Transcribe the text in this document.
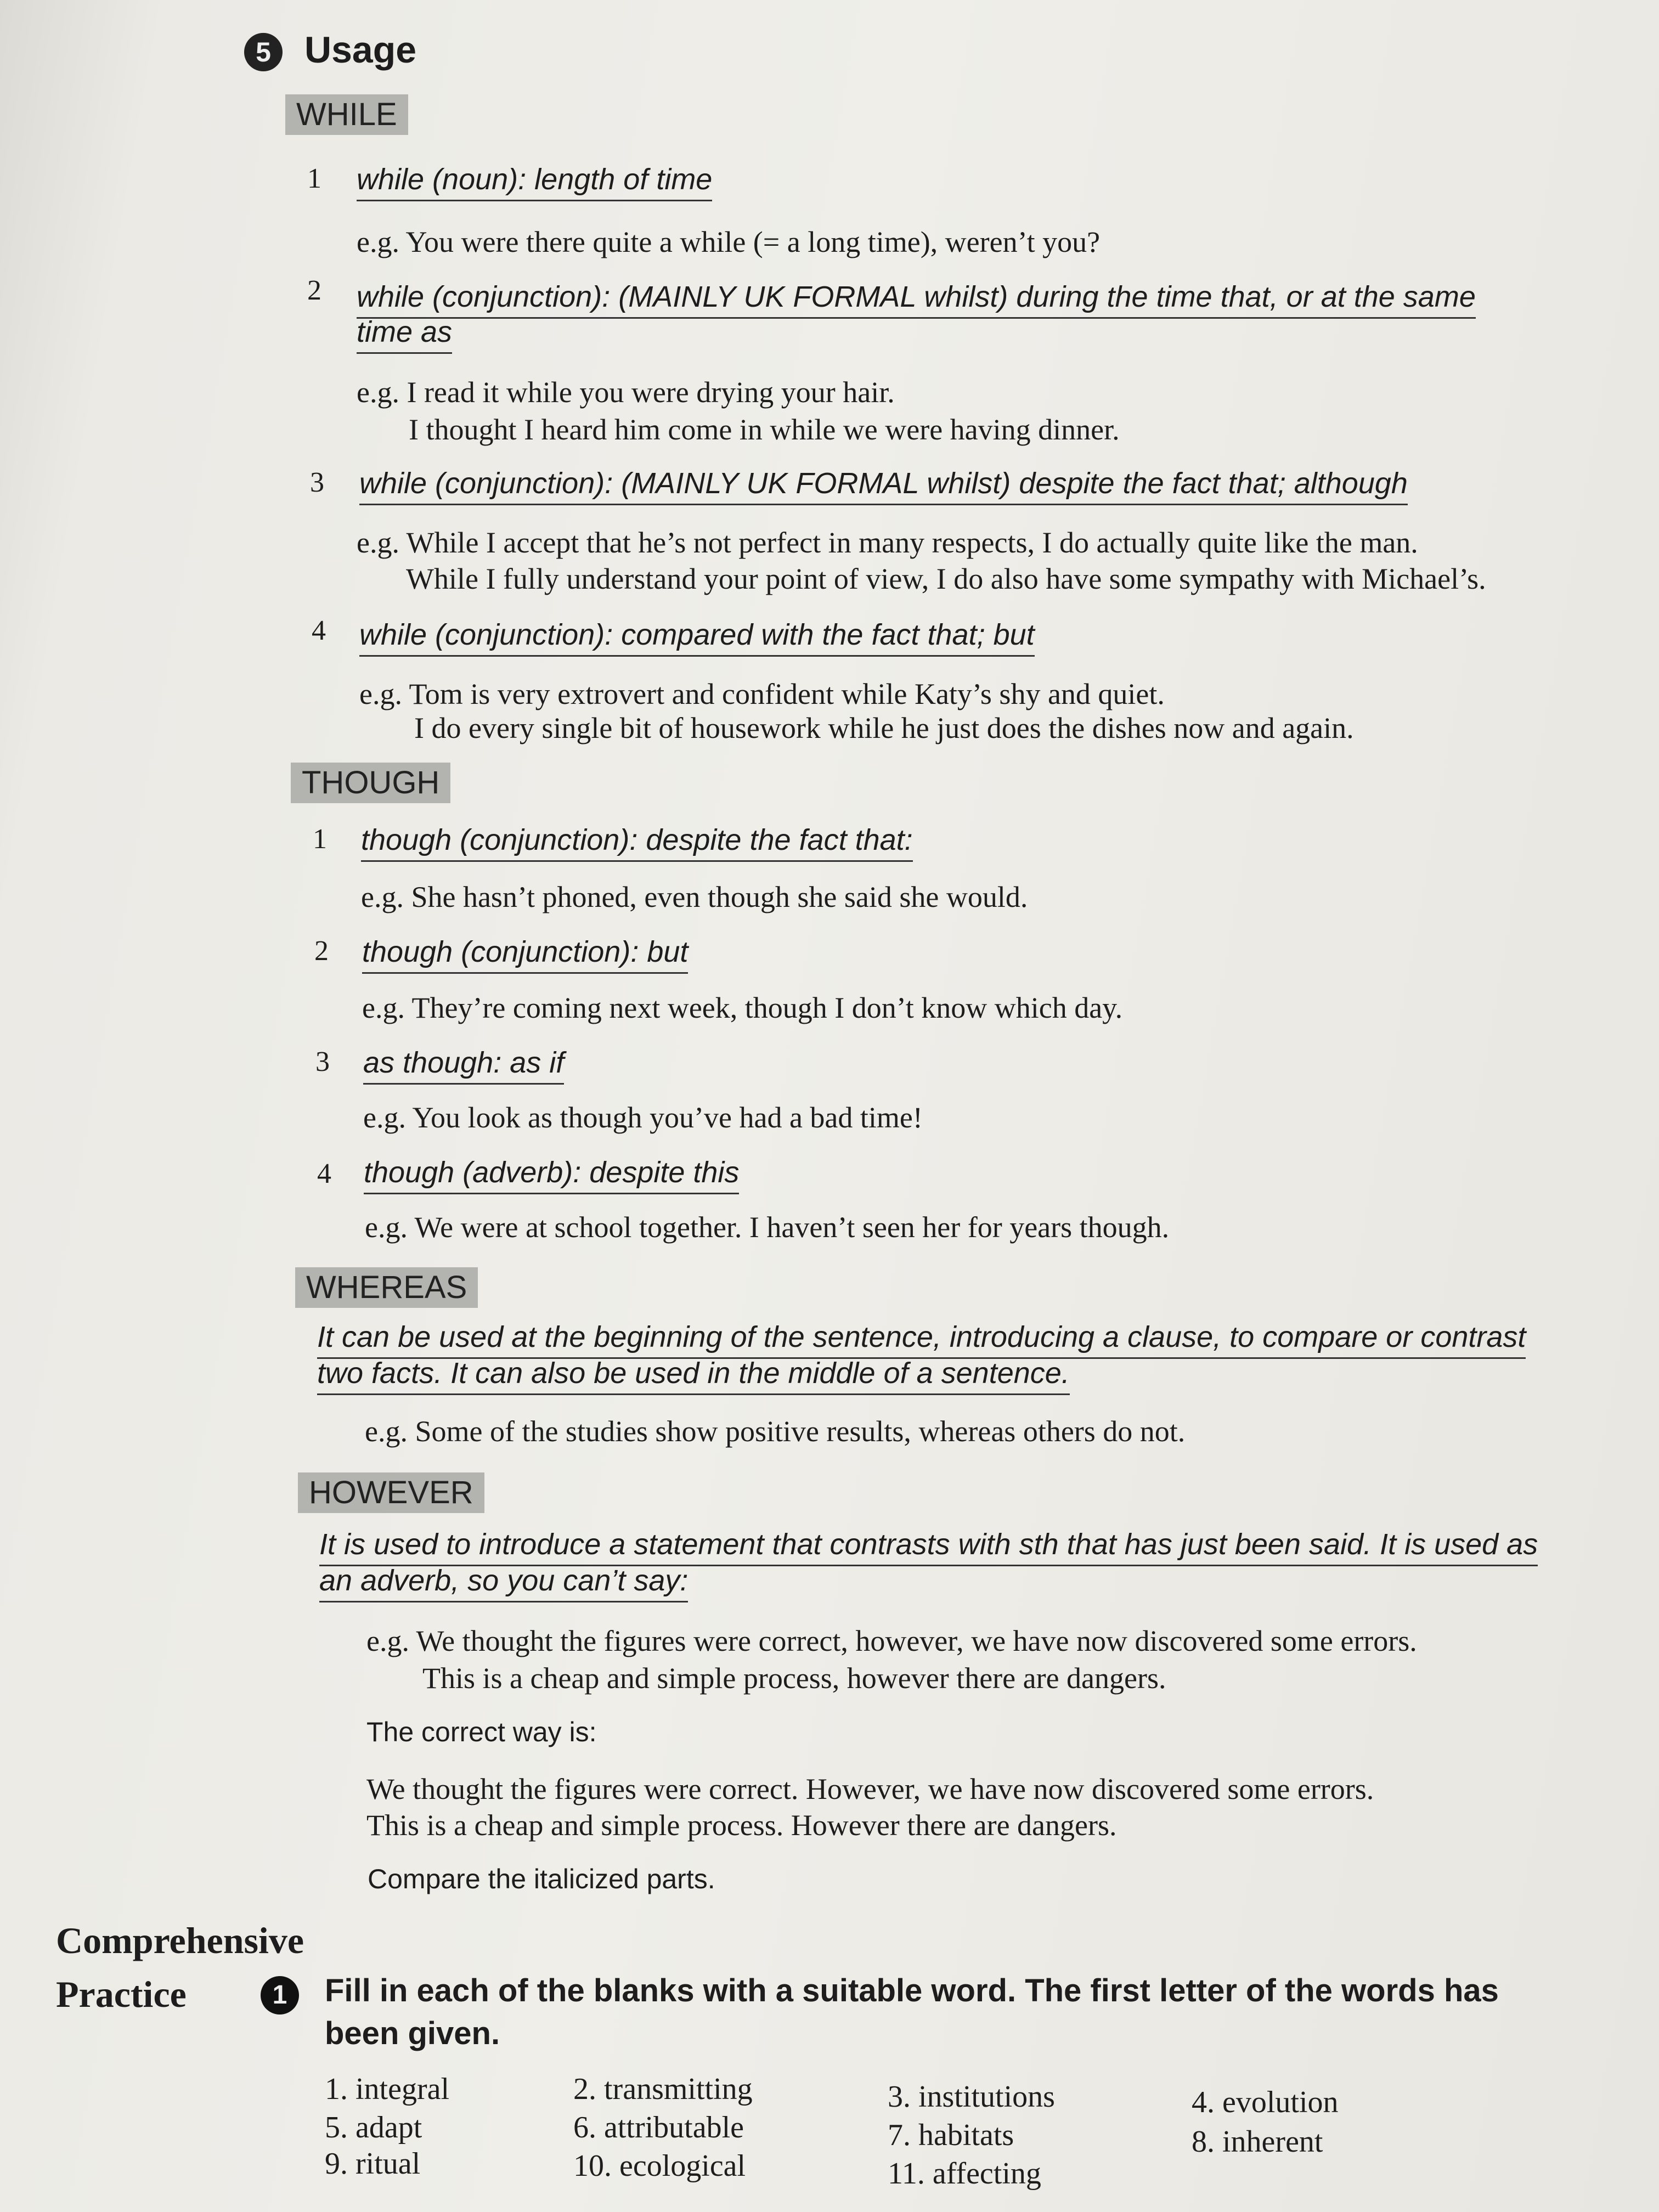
5 Usage
WHILE
1 while (noun): length of time
e.g. You were there quite a while (= a long time), weren’t you?
2 while (conjunction): (MAINLY UK FORMAL whilst) during the time that, or at the same
time as
e.g. I read it while you were drying your hair.
I thought I heard him come in while we were having dinner.
3 while (conjunction): (MAINLY UK FORMAL whilst) despite the fact that; although
e.g. While I accept that he’s not perfect in many respects, I do actually quite like the man.
While I fully understand your point of view, I do also have some sympathy with Michael’s.
4 while (conjunction): compared with the fact that; but
e.g. Tom is very extrovert and confident while Katy’s shy and quiet.
I do every single bit of housework while he just does the dishes now and again.
THOUGH
1 though (conjunction): despite the fact that:
e.g. She hasn’t phoned, even though she said she would.
2 though (conjunction): but
e.g. They’re coming next week, though I don’t know which day.
3 as though: as if
e.g. You look as though you’ve had a bad time!
4 though (adverb): despite this
e.g. We were at school together. I haven’t seen her for years though.
WHEREAS
It can be used at the beginning of the sentence, introducing a clause, to compare or contrast
two facts. It can also be used in the middle of a sentence.
e.g. Some of the studies show positive results, whereas others do not.
HOWEVER
It is used to introduce a statement that contrasts with sth that has just been said. It is used as
an adverb, so you can’t say:
e.g. We thought the figures were correct, however, we have now discovered some errors.
This is a cheap and simple process, however there are dangers.
The correct way is:
We thought the figures were correct. However, we have now discovered some errors.
This is a cheap and simple process. However there are dangers.
Compare the italicized parts.
Comprehensive
Practice	1	Fill in each of the blanks with a suitable word. The first letter of the words has been given.
1. integral	2. transmitting	3. institutions	4. evolution
5. adapt	6. attributable	7. habitats	8. inherent
9. ritual	10. ecological	11. affecting
